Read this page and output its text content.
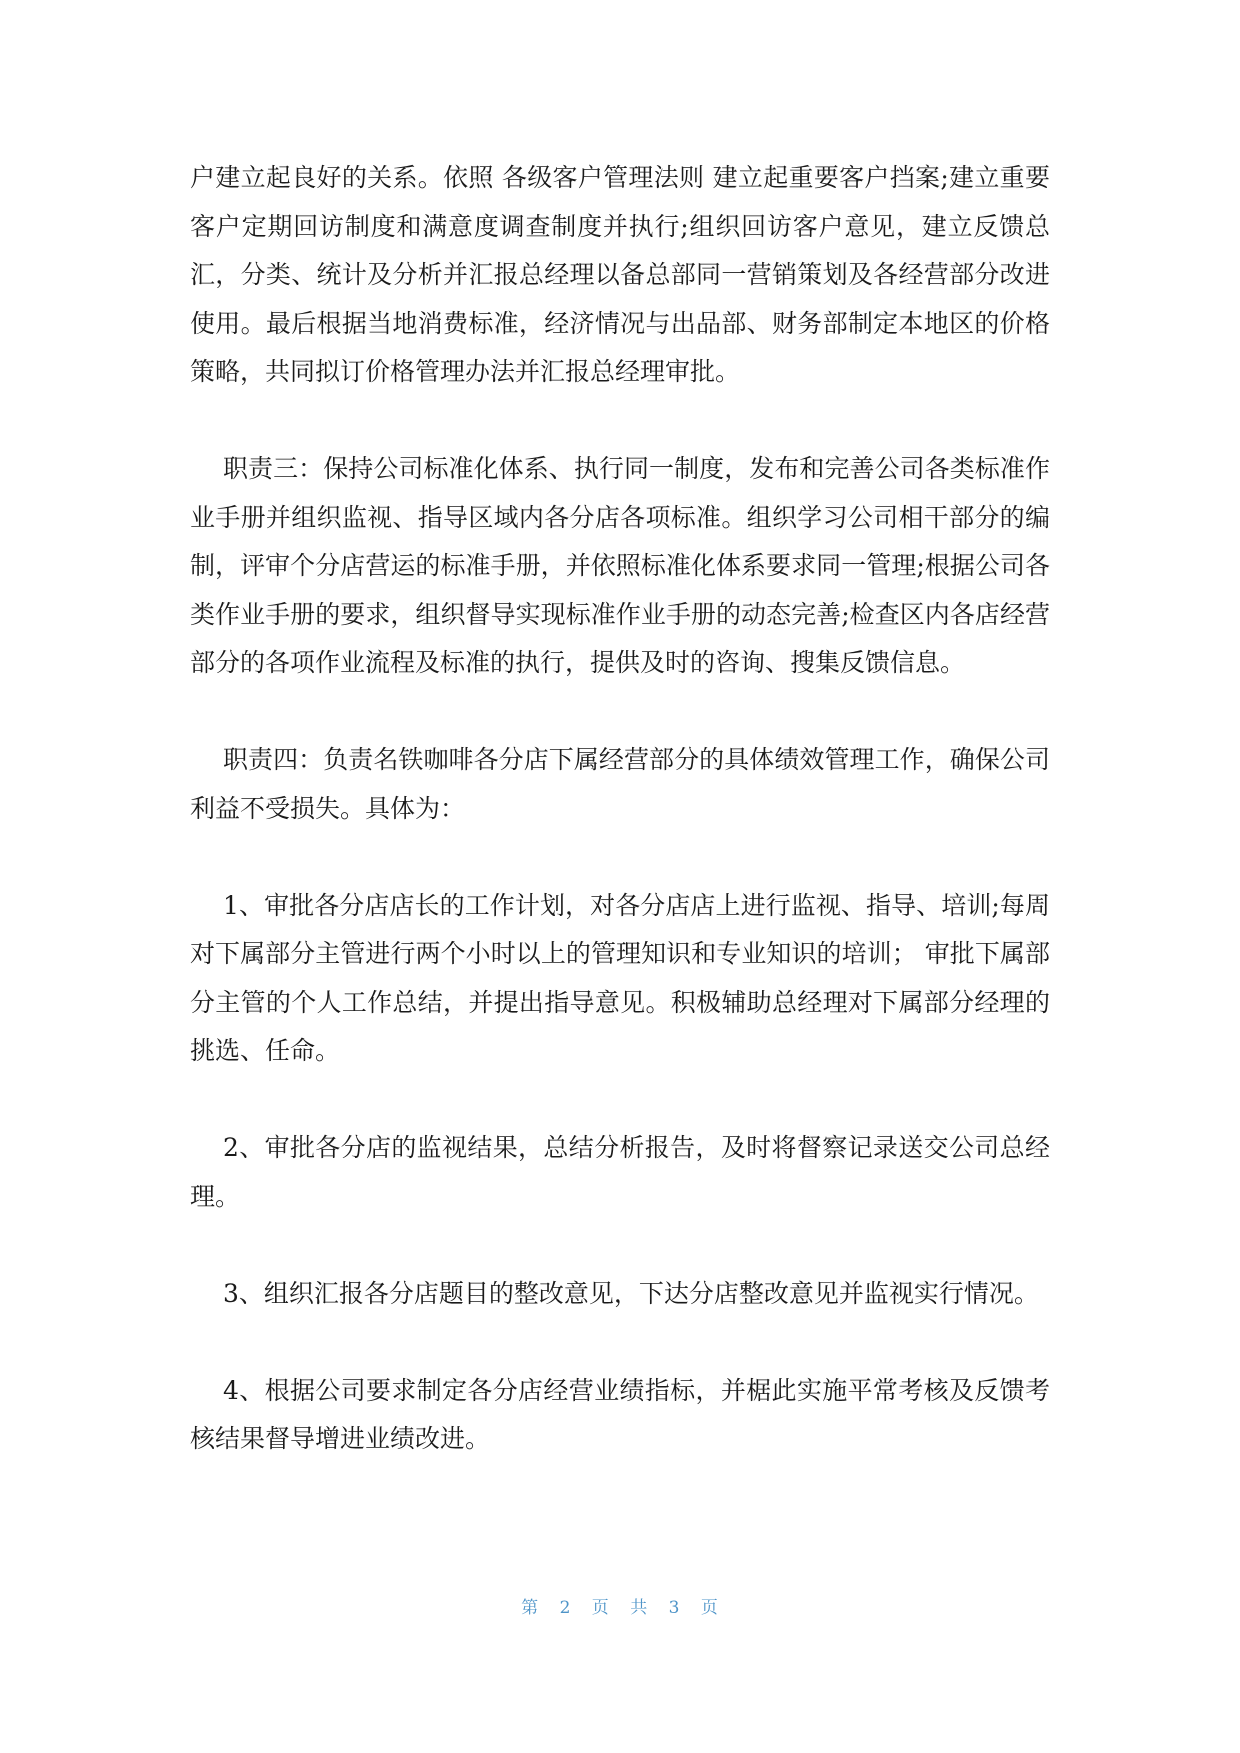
户建立起良好的关系。依照 各级客户管理法则 建立起重要客户挡案;建立重要
客户定期回访制度和满意度调查制度并执行;组织回访客户意见，建立反馈总
汇，分类、统计及分析并汇报总经理以备总部同一营销策划及各经营部分改进
使用。最后根据当地消费标准，经济情况与出品部、财务部制定本地区的价格
策略，共同拟订价格管理办法并汇报总经理审批。
职责三：保持公司标准化体系、执行同一制度，发布和完善公司各类标准作
业手册并组织监视、指导区域内各分店各项标准。组织学习公司相干部分的编
制，评审个分店营运的标准手册，并依照标准化体系要求同一管理;根据公司各
类作业手册的要求，组织督导实现标准作业手册的动态完善;检查区内各店经营
部分的各项作业流程及标准的执行，提供及时的咨询、搜集反馈信息。
职责四：负责名铁咖啡各分店下属经营部分的具体绩效管理工作，确保公司
利益不受损失。具体为：
1、审批各分店店长的工作计划，对各分店店上进行监视、指导、培训;每周
对下属部分主管进行两个小时以上的管理知识和专业知识的培训； 审批下属部
分主管的个人工作总结，并提出指导意见。积极辅助总经理对下属部分经理的
挑选、任命。
2、审批各分店的监视结果，总结分析报告，及时将督察记录送交公司总经
理。
3、组织汇报各分店题目的整改意见，下达分店整改意见并监视实行情况。
4、根据公司要求制定各分店经营业绩指标，并椐此实施平常考核及反馈考
核结果督导增进业绩改进。
第 2 页 共 3 页
